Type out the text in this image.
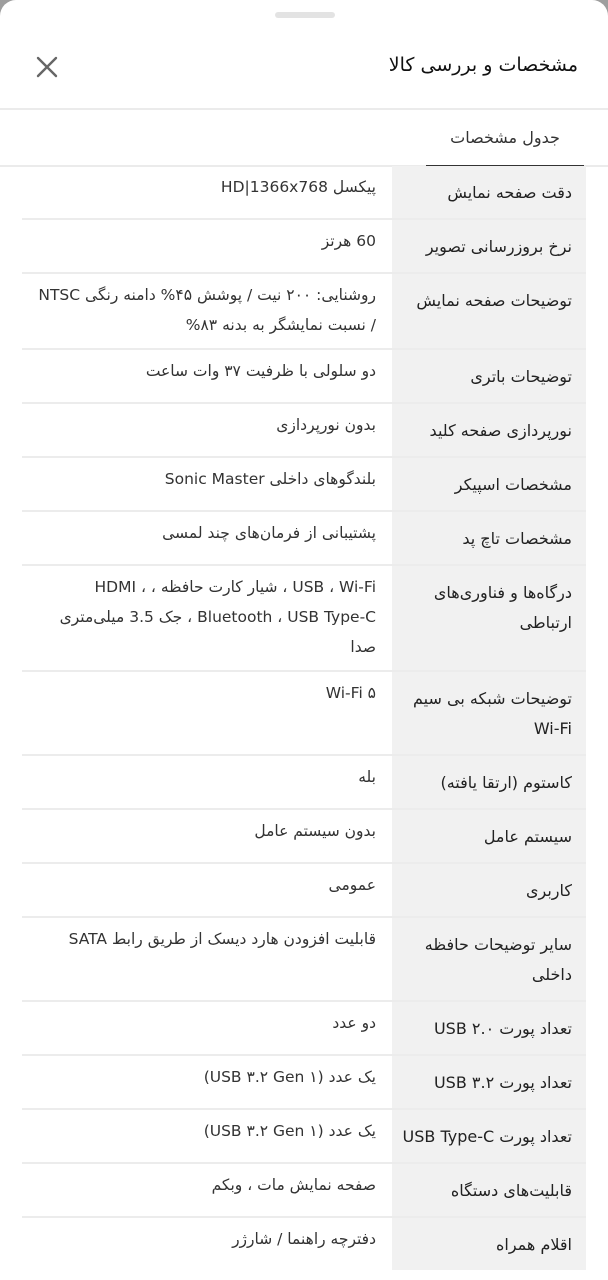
مشخصات و بررسی کالا
جدول مشخصات
دقت صفحه نمایش
پیکسل HD|1366x768
نرخ بروزرسانی تصویر
60 هرتز
توضیحات صفحه نمایش
روشنایی: ۲۰۰ نیت / پوشش ۴۵% دامنه رنگی NTSC / نسبت نمایشگر به بدنه ۸۳%
توضیحات باتری
دو سلولی با ظرفیت ۳۷ وات ساعت
نورپردازی صفحه کلید
بدون نورپردازی
مشخصات اسپیکر
بلندگوهای داخلی Sonic Master
مشخصات تاچ پد
پشتیبانی از فرمان‌های چند لمسی
درگاه‌ها و فناوری‌های ارتباطی
USB ، Wi-Fi ، شیار کارت حافظه ، HDMI ، Bluetooth ، USB Type-C ، جک 3.5 میلی‌متری صدا
توضیحات شبکه بی سیم Wi-Fi
Wi-Fi ۵
کاستوم (ارتقا یافته)
بله
سیستم عامل
بدون سیستم عامل
کاربری
عمومی
سایر توضیحات حافظه داخلی
قابلیت افزودن هارد دیسک از طریق رابط SATA
تعداد پورت USB ۲.۰
دو عدد
تعداد پورت USB ۳.۲
یک عدد (USB ۳.۲ Gen ۱)
تعداد پورت USB Type-C
یک عدد (USB ۳.۲ Gen ۱)
قابلیت‌های دستگاه
صفحه نمایش مات ، وبکم
اقلام همراه
دفترچه راهنما / شارژر
